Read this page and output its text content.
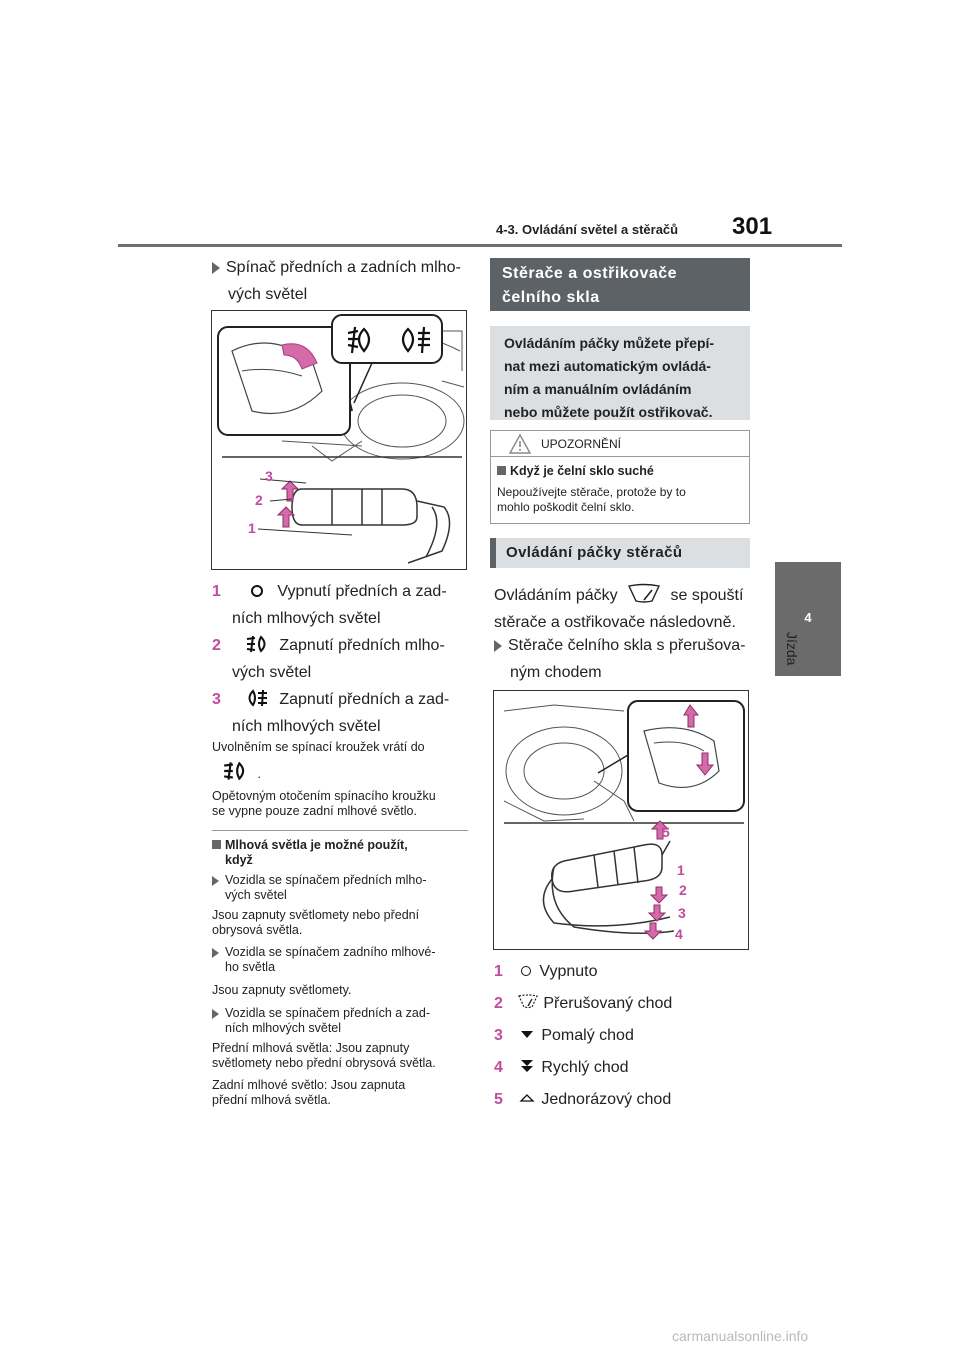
4-3. Ovládání světel a stěračů 301
4
Jízda
Spínač předních a zadních mlho-
vých světel
3
2
1
1	Vypnutí předních a zad-
ních mlhových světel
2	Zapnutí předních mlho-
vých světel
3	Zapnutí předních a zad-
ních mlhových světel
Uvolněním se spínací kroužek vrátí do
.
Opětovným otočením spínacího kroužku
se vypne pouze zadní mlhové světlo.
Mlhová světla je možné použít,
když
Vozidla se spínačem předních mlho-
vých světel
Jsou zapnuty světlomety nebo přední
obrysová světla.
Vozidla se spínačem zadního mlhové-
ho světla
Jsou zapnuty světlomety.
Vozidla se spínačem předních a zad-
ních mlhových světel
Přední mlhová světla: Jsou zapnuty
světlomety nebo přední obrysová světla.
Zadní mlhové světlo: Jsou zapnuta
přední mlhová světla.
Stěrače a ostřikovače
čelního skla
Ovládáním páčky můžete přepí-
nat mezi automatickým ovládá-
ním a manuálním ovládáním
nebo můžete použít ostřikovač.
UPOZORNĚNÍ
Když je čelní sklo suché
Nepoužívejte stěrače, protože by to
mohlo poškodit čelní sklo.
Ovládání páčky stěračů
Ovládáním páčky	se spouští
stěrače a ostřikovače následovně.
Stěrače čelního skla s přerušova-
ným chodem
5
1
2
3
4
1 Vypnuto
2	Přerušovaný chod
3 Pomalý chod
4 Rychlý chod
5 Jednorázový chod
carmanualsonline.info
